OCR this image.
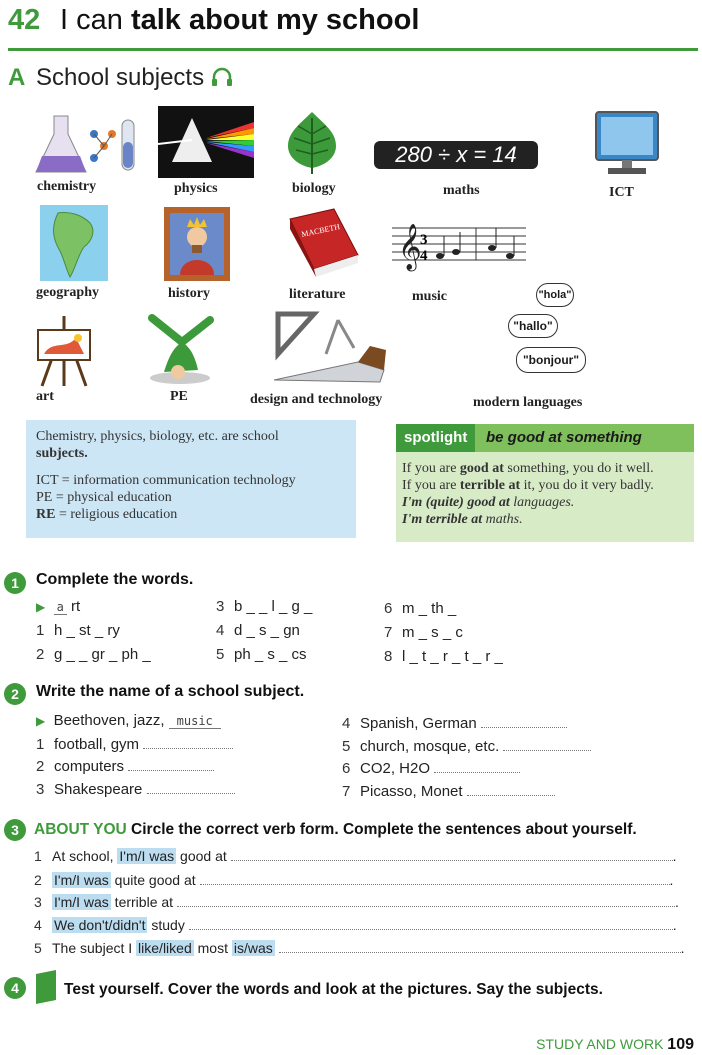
42 I can talk about my school
A School subjects
280 ÷ x = 14
chemistry	physics	biology	maths	ICT
MACBETH 𝄞
3
4
"hola"
"hallo"
"bonjour"
geography	history	literature	music
art	PE	design and technology	modern languages

Chemistry, physics, biology, etc. are school

subjects.

ICT = information communication technology

PE = physical education

RE = religious education

spotlight	be good at something

If you are good at something, you do it well.

If you are terrible at it, you do it very badly.

I'm (quite) good at languages.

I'm terrible at maths.

1	Complete the words.
▶ a rt
1 h _ st _ ry
2 g _ _ gr _ ph _
3 b _ _ l _ g _
4 d _ s _ gn
5 ph _ s _ cs
6 m _ th _
7 m _ s _ c
8 l _ t _ r _ t _ r _
2	Write the name of a school subject.
▶ Beethoven, jazz, music
1 football, gym
2 computers
3 Shakespeare
4 Spanish, German
5 church, mosque, etc.
6 CO2, H2O
7 Picasso, Monet
3 ABOUT YOU Circle the correct verb form. Complete the sentences about yourself.
1 At school, I'm/I was good at	.
2 I'm/I was quite good at	.
3 I'm/I was terrible at	.
4 We don't/didn't study	.
5 The subject I like/liked most is/was	.
4	Test yourself. Cover the words and look at the pictures. Say the subjects.
STUDY AND WORK 109
